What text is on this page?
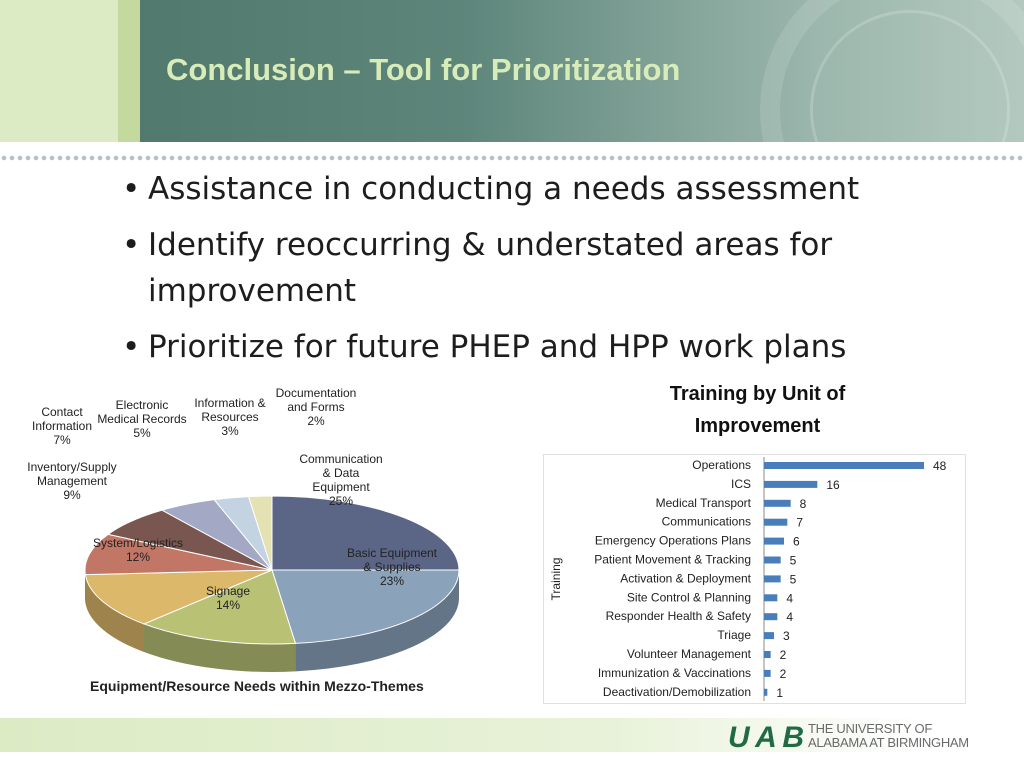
Conclusion – Tool for Prioritization
• Assistance in conducting a needs assessment
• Identify reoccurring & understated areas for improvement
• Prioritize for future PHEP and HPP work plans
Contact Information
7%
Electronic Medical Records
5%
Information & Resources
3%
Documentation and Forms
2%
Inventory/Supply Management
9%
System/Logistics
12%
Communication & Data Equipment
25%
Basic Equipment & Supplies
23%
Signage
14%
Equipment/Resource Needs within Mezzo-Themes
Training by Unit of Improvement
Training
Operations	48
ICS	16
Medical Transport	8
Communications	7
Emergency Operations Plans	6
Patient Movement & Tracking	5
Activation & Deployment	5
Site Control & Planning	4
Responder Health & Safety	4
Triage	3
Volunteer Management 2
Immunization & Vaccinations 2
Deactivation/Demobilization 1
UAB THE UNIVERSITY OF
ALABAMA AT BIRMINGHAM
